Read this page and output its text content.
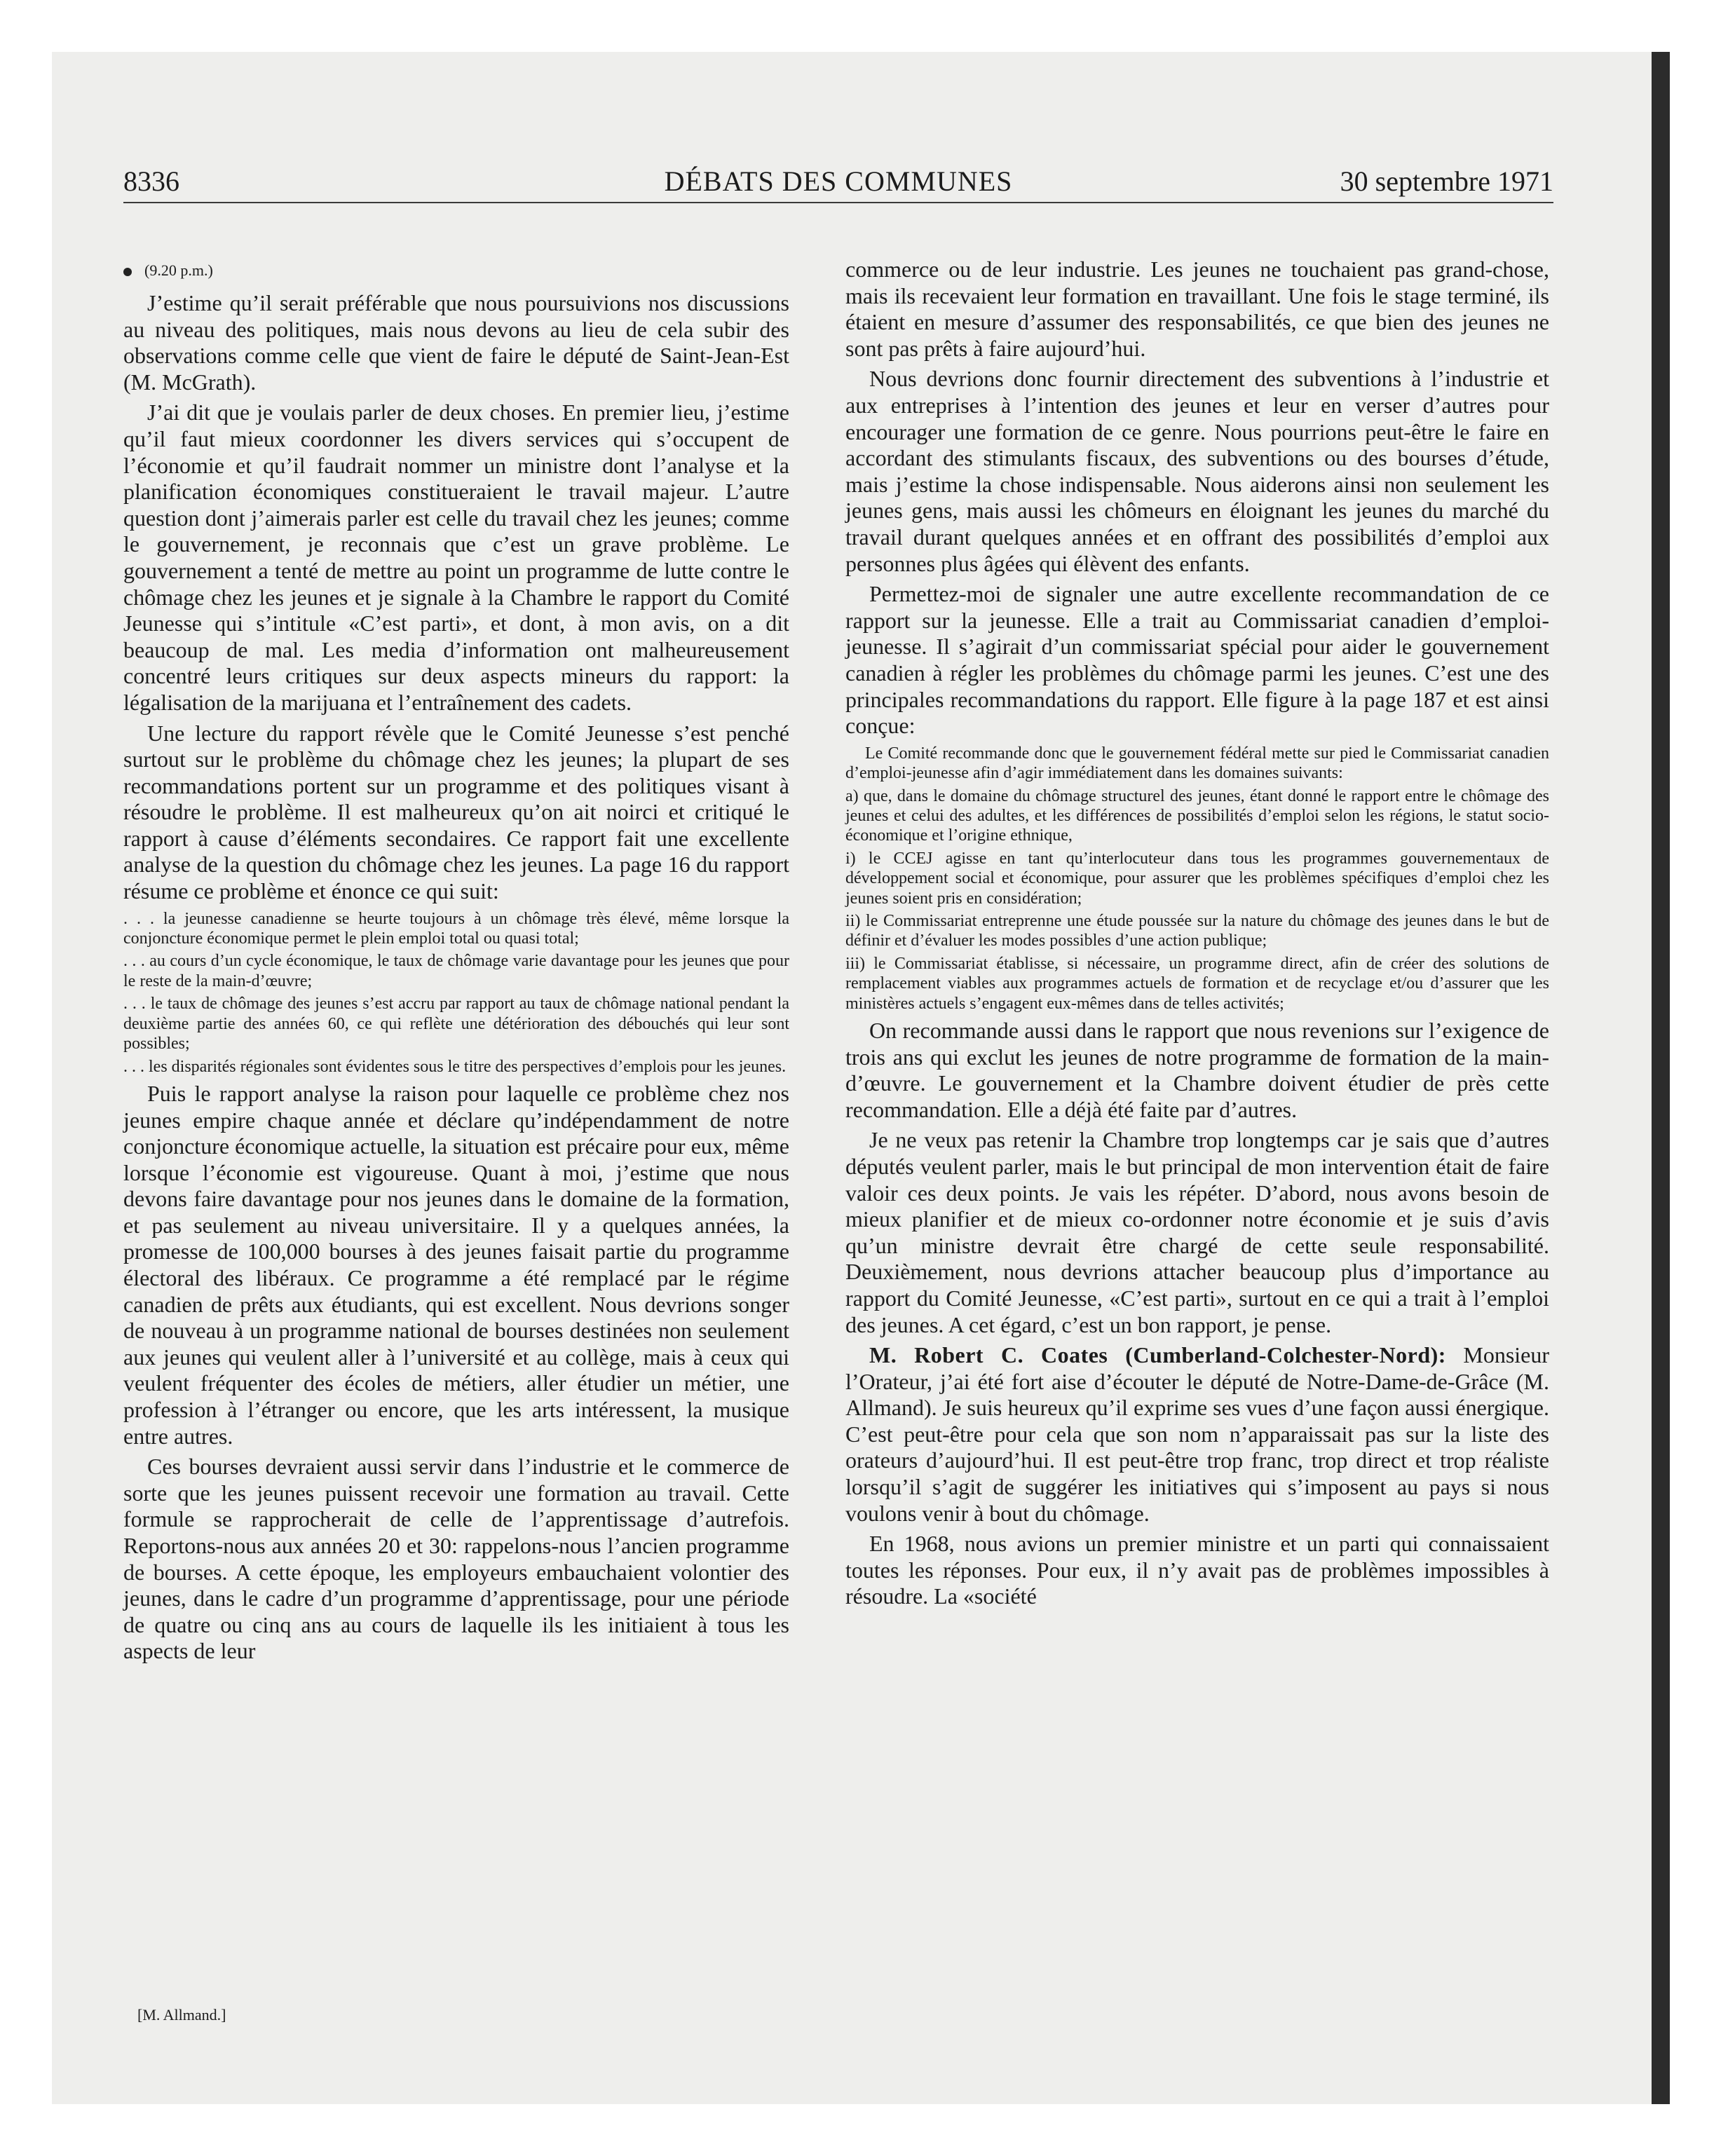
8336	DÉBATS DES COMMUNES	30 septembre 1971
(9.20 p.m.)

J’estime qu’il serait préférable que nous poursuivions nos discussions au niveau des politiques, mais nous devons au lieu de cela subir des observations comme celle que vient de faire le député de Saint-Jean-Est (M. McGrath).

J’ai dit que je voulais parler de deux choses. En premier lieu, j’estime qu’il faut mieux coordonner les divers services qui s’occupent de l’économie et qu’il faudrait nommer un ministre dont l’analyse et la planification économiques constitueraient le travail majeur. L’autre question dont j’aimerais parler est celle du travail chez les jeunes; comme le gouvernement, je reconnais que c’est un grave problème. Le gouvernement a tenté de mettre au point un programme de lutte contre le chômage chez les jeunes et je signale à la Chambre le rapport du Comité Jeunesse qui s’intitule «C’est parti», et dont, à mon avis, on a dit beaucoup de mal. Les media d’information ont malheureusement concentré leurs critiques sur deux aspects mineurs du rapport: la légalisation de la marijuana et l’entraînement des cadets.

Une lecture du rapport révèle que le Comité Jeunesse s’est penché surtout sur le problème du chômage chez les jeunes; la plupart de ses recommandations portent sur un programme et des politiques visant à résoudre le problème. Il est malheureux qu’on ait noirci et critiqué le rapport à cause d’éléments secondaires. Ce rapport fait une excellente analyse de la question du chômage chez les jeunes. La page 16 du rapport résume ce problème et énonce ce qui suit:

. . . la jeunesse canadienne se heurte toujours à un chômage très élevé, même lorsque la conjoncture économique permet le plein emploi total ou quasi total;

. . . au cours d’un cycle économique, le taux de chômage varie davantage pour les jeunes que pour le reste de la main-d’œuvre;

. . . le taux de chômage des jeunes s’est accru par rapport au taux de chômage national pendant la deuxième partie des années 60, ce qui reflète une détérioration des débouchés qui leur sont possibles;

. . . les disparités régionales sont évidentes sous le titre des perspectives d’emplois pour les jeunes.

Puis le rapport analyse la raison pour laquelle ce problème chez nos jeunes empire chaque année et déclare qu’indépendamment de notre conjoncture économique actuelle, la situation est précaire pour eux, même lorsque l’économie est vigoureuse. Quant à moi, j’estime que nous devons faire davantage pour nos jeunes dans le domaine de la formation, et pas seulement au niveau universitaire. Il y a quelques années, la promesse de 100,000 bourses à des jeunes faisait partie du programme électoral des libéraux. Ce programme a été remplacé par le régime canadien de prêts aux étudiants, qui est excellent. Nous devrions songer de nouveau à un programme national de bourses destinées non seulement aux jeunes qui veulent aller à l’université et au collège, mais à ceux qui veulent fréquenter des écoles de métiers, aller étudier un métier, une profession à l’étranger ou encore, que les arts intéressent, la musique entre autres.

Ces bourses devraient aussi servir dans l’industrie et le commerce de sorte que les jeunes puissent recevoir une formation au travail. Cette formule se rapprocherait de celle de l’apprentissage d’autrefois. Reportons-nous aux années 20 et 30: rappelons-nous l’ancien programme de bourses. A cette époque, les employeurs embauchaient volontier des jeunes, dans le cadre d’un programme d’apprentissage, pour une période de quatre ou cinq ans au cours de laquelle ils les initiaient à tous les aspects de leur

[M. Allmand.]

commerce ou de leur industrie. Les jeunes ne touchaient pas grand-chose, mais ils recevaient leur formation en travaillant. Une fois le stage terminé, ils étaient en mesure d’assumer des responsabilités, ce que bien des jeunes ne sont pas prêts à faire aujourd’hui.

Nous devrions donc fournir directement des subventions à l’industrie et aux entreprises à l’intention des jeunes et leur en verser d’autres pour encourager une formation de ce genre. Nous pourrions peut-être le faire en accordant des stimulants fiscaux, des subventions ou des bourses d’étude, mais j’estime la chose indispensable. Nous aiderons ainsi non seulement les jeunes gens, mais aussi les chômeurs en éloignant les jeunes du marché du travail durant quelques années et en offrant des possibilités d’emploi aux personnes plus âgées qui élèvent des enfants.

Permettez-moi de signaler une autre excellente recommandation de ce rapport sur la jeunesse. Elle a trait au Commissariat canadien d’emploi-jeunesse. Il s’agirait d’un commissariat spécial pour aider le gouvernement canadien à régler les problèmes du chômage parmi les jeunes. C’est une des principales recommandations du rapport. Elle figure à la page 187 et est ainsi conçue:

Le Comité recommande donc que le gouvernement fédéral mette sur pied le Commissariat canadien d’emploi-jeunesse afin d’agir immédiatement dans les domaines suivants:

a) que, dans le domaine du chômage structurel des jeunes, étant donné le rapport entre le chômage des jeunes et celui des adultes, et les différences de possibilités d’emploi selon les régions, le statut socio-économique et l’origine ethnique,

i) le CCEJ agisse en tant qu’interlocuteur dans tous les programmes gouvernementaux de développement social et économique, pour assurer que les problèmes spécifiques d’emploi chez les jeunes soient pris en considération;

ii) le Commissariat entreprenne une étude poussée sur la nature du chômage des jeunes dans le but de définir et d’évaluer les modes possibles d’une action publique;

iii) le Commissariat établisse, si nécessaire, un programme direct, afin de créer des solutions de remplacement viables aux programmes actuels de formation et de recyclage et/ou d’assurer que les ministères actuels s’engagent eux-mêmes dans de telles activités;

On recommande aussi dans le rapport que nous revenions sur l’exigence de trois ans qui exclut les jeunes de notre programme de formation de la main-d’œuvre. Le gouvernement et la Chambre doivent étudier de près cette recommandation. Elle a déjà été faite par d’autres.

Je ne veux pas retenir la Chambre trop longtemps car je sais que d’autres députés veulent parler, mais le but principal de mon intervention était de faire valoir ces deux points. Je vais les répéter. D’abord, nous avons besoin de mieux planifier et de mieux co-ordonner notre économie et je suis d’avis qu’un ministre devrait être chargé de cette seule responsabilité. Deuxièmement, nous devrions attacher beaucoup plus d’importance au rapport du Comité Jeunesse, «C’est parti», surtout en ce qui a trait à l’emploi des jeunes. A cet égard, c’est un bon rapport, je pense.

M. Robert C. Coates (Cumberland-Colchester-Nord): Monsieur l’Orateur, j’ai été fort aise d’écouter le député de Notre-Dame-de-Grâce (M. Allmand). Je suis heureux qu’il exprime ses vues d’une façon aussi énergique. C’est peut-être pour cela que son nom n’apparaissait pas sur la liste des orateurs d’aujourd’hui. Il est peut-être trop franc, trop direct et trop réaliste lorsqu’il s’agit de suggérer les initiatives qui s’imposent au pays si nous voulons venir à bout du chômage.

En 1968, nous avions un premier ministre et un parti qui connaissaient toutes les réponses. Pour eux, il n’y avait pas de problèmes impossibles à résoudre. La «société
